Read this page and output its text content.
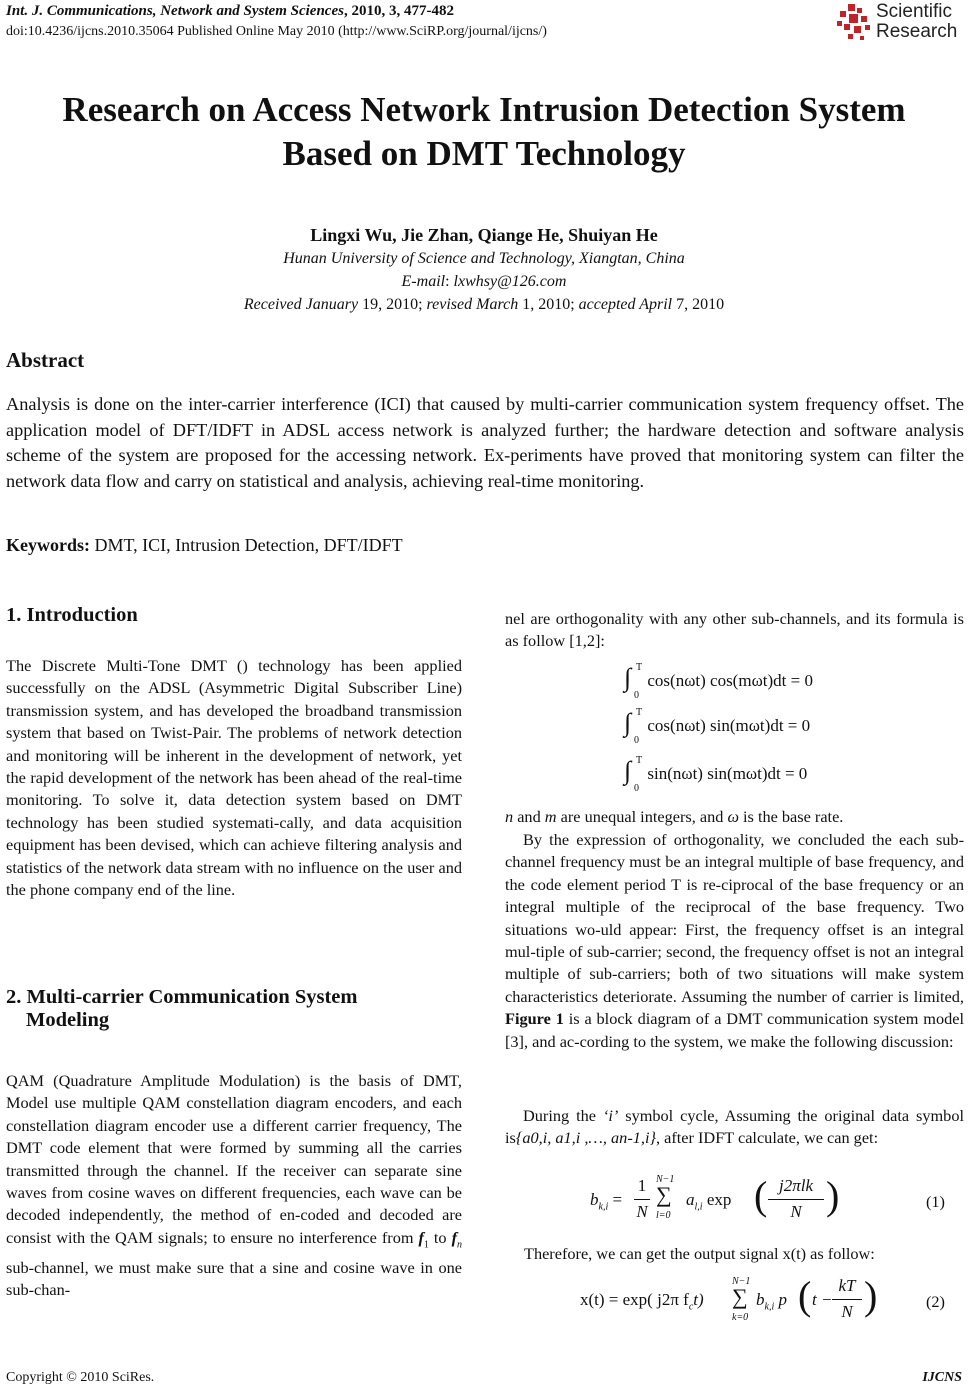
Int. J. Communications, Network and System Sciences, 2010, 3, 477-482
doi:10.4236/ijcns.2010.35064 Published Online May 2010 (http://www.SciRP.org/journal/ijcns/)
Scientific
Research
Research on Access Network Intrusion Detection System
Based on DMT Technology
Lingxi Wu, Jie Zhan, Qiange He, Shuiyan He
Hunan University of Science and Technology, Xiangtan, China
E-mail: lxwhsy@126.com
Received January 19, 2010; revised March 1, 2010; accepted April 7, 2010
Abstract
Analysis is done on the inter-carrier interference (ICI) that caused by multi-carrier communication system frequency offset. The application model of DFT/IDFT in ADSL access network is analyzed further; the hardware detection and software analysis scheme of the system are proposed for the accessing network. Ex-periments have proved that monitoring system can filter the network data flow and carry on statistical and analysis, achieving real-time monitoring.
Keywords: DMT, ICI, Intrusion Detection, DFT/IDFT
1. Introduction
The Discrete Multi-Tone DMT () technology has been applied successfully on the ADSL (Asymmetric Digital Subscriber Line) transmission system, and has developed the broadband transmission system that based on Twist-Pair. The problems of network detection and monitoring will be inherent in the development of network, yet the rapid development of the network has been ahead of the real-time monitoring. To solve it, data detection system based on DMT technology has been studied systemati-cally, and data acquisition equipment has been devised, which can achieve filtering analysis and statistics of the network data stream with no influence on the user and the phone company end of the line.
2. Multi-carrier Communication System
Modeling
QAM (Quadrature Amplitude Modulation) is the basis of DMT, Model use multiple QAM constellation diagram encoders, and each constellation diagram encoder use a different carrier frequency, The DMT code element that were formed by summing all the carries transmitted through the channel. If the receiver can separate sine waves from cosine waves on different frequencies, each wave can be decoded independently, the method of en-coded and decoded are consist with the QAM signals; to ensure no interference from $f_1$ to $f_n$ sub-channel, we must make sure that a sine and cosine wave in one sub-chan-
nel are orthogonality with any other sub-channels, and its formula is as follow [1,2]:
∫ T
0
cos(nωt) cos(mωt)dt = 0
∫ T
0
cos(nωt) sin(mωt)dt = 0
∫ T
0
sin(nωt) sin(mωt)dt = 0
n and m are unequal integers, and ω is the base rate.
By the expression of orthogonality, we concluded the each sub-channel frequency must be an integral multiple of base frequency, and the code element period T is re-ciprocal of the base frequency or an integral multiple of the reciprocal of the base frequency. Two situations wo-uld appear: First, the frequency offset is an integral mul-tiple of sub-carrier; second, the frequency offset is not an integral multiple of sub-carriers; both of two situations will make system characteristics deteriorate. Assuming the number of carrier is limited, Figure 1 is a block diagram of a DMT communication system model [3], and ac-cording to the system, we make the following discussion:
During the ‘i’ symbol cycle, Assuming the original data symbol is{a0,i, a1,i ,…, an-1,i}, after IDFT calculate, we can get:
$b_{k,i}$ =
1
N
N−1
∑
l=0
$a_{l,i}$ exp ( j2πlk
N )	(1)
Therefore, we can get the output signal x(t) as follow:
x(t) = exp( j2π $f_ct$)
N−1
∑
k=0
$b_{k,i}$ p ( t −
kT
N )	(2)
Copyright © 2010 SciRes.	IJCNS
